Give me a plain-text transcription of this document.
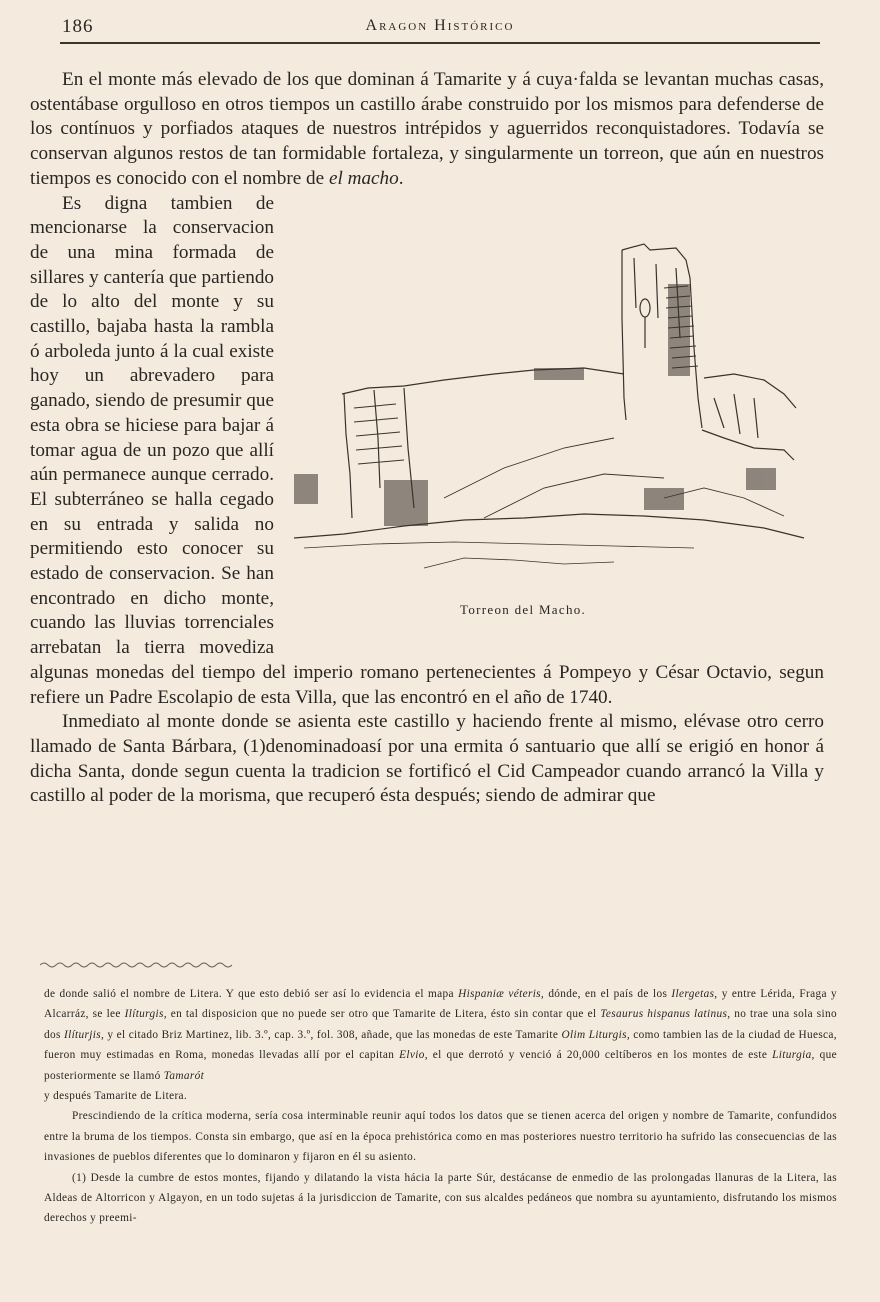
186	Aragon Histórico

En el monte más elevado de los que dominan á Tamarite y á cuya·falda se levantan muchas casas, ostentábase orgulloso en otros tiempos un castillo árabe construido por los mismos para defenderse de los contínuos y porfiados ataques de nuestros intrépidos y aguerridos reconquistadores. Todavía se conservan algunos restos de tan formidable fortaleza, y singularmente un torreon, que aún en nuestros tiempos es conocido con el nombre de el macho.

Torreon del Macho.

Es digna tambien de mencionarse la conservacion de una mina formada de sillares y cantería que partiendo de lo alto del monte y su castillo, bajaba hasta la rambla ó arboleda junto á la cual existe hoy un abrevadero para ganado, siendo de presumir que esta obra se hiciese para bajar á tomar agua de un pozo que allí aún permanece aunque cerrado. El subterráneo se halla cegado en su entrada y salida no permitiendo esto conocer su estado de conservacion. Se han encontrado en dicho monte, cuando las lluvias torrenciales arrebatan la tierra movediza algunas monedas del tiempo del imperio romano pertenecientes á Pompeyo y César Octavio, segun refiere un Padre Escolapio de esta Villa, que las encontró en el año de 1740.

Inmediato al monte donde se asienta este castillo y haciendo frente al mismo, elévase otro cerro llamado de Santa Bárbara, (1)denominadoasí por una ermita ó santuario que allí se erigió en honor á dicha Santa, donde segun cuenta la tradicion se fortificó el Cid Campeador cuando arrancó la Villa y castillo al poder de la morisma, que recuperó ésta después; siendo de admirar que

de donde salió el nombre de Litera. Y que esto debió ser así lo evidencia el mapa Hispaniæ véteris, dónde, en el país de los Ilergetas, y entre Lérida, Fraga y Alcarráz, se lee Ilíturgis, en tal disposicion que no puede ser otro que Tamarite de Litera, ésto sin contar que el Tesaurus hispanus latinus, no trae una sola sino dos Ilíturjis, y el citado Briz Martinez, lib. 3.º, cap. 3.º, fol. 308, añade, que las monedas de este Tamarite Olim Liturgis, como tambien las de la ciudad de Huesca, fueron muy estimadas en Roma, monedas llevadas allí por el capitan Elvio, el que derrotó y venció á 20,000 celtíberos en los montes de este Liturgia, que posteriormente se llamó Tamarót
y después Tamarite de Litera.

Prescindiendo de la crítica moderna, sería cosa interminable reunir aquí todos los datos que se tienen acerca del origen y nombre de Tamarite, confundidos entre la bruma de los tiempos. Consta sin embargo, que así en la época prehistórica como en mas posteriores nuestro territorio ha sufrido las consecuencias de las invasiones de pueblos diferentes que lo dominaron y fijaron en él su asiento.

(1) Desde la cumbre de estos montes, fijando y dilatando la vista hácia la parte Súr, destácanse de enmedio de las prolongadas llanuras de la Litera, las Aldeas de Altorricon y Algayon, en un todo sujetas á la jurisdiccion de Tamarite, con sus alcaldes pedáneos que nombra su ayuntamiento, disfrutando los mismos derechos y preemi-
